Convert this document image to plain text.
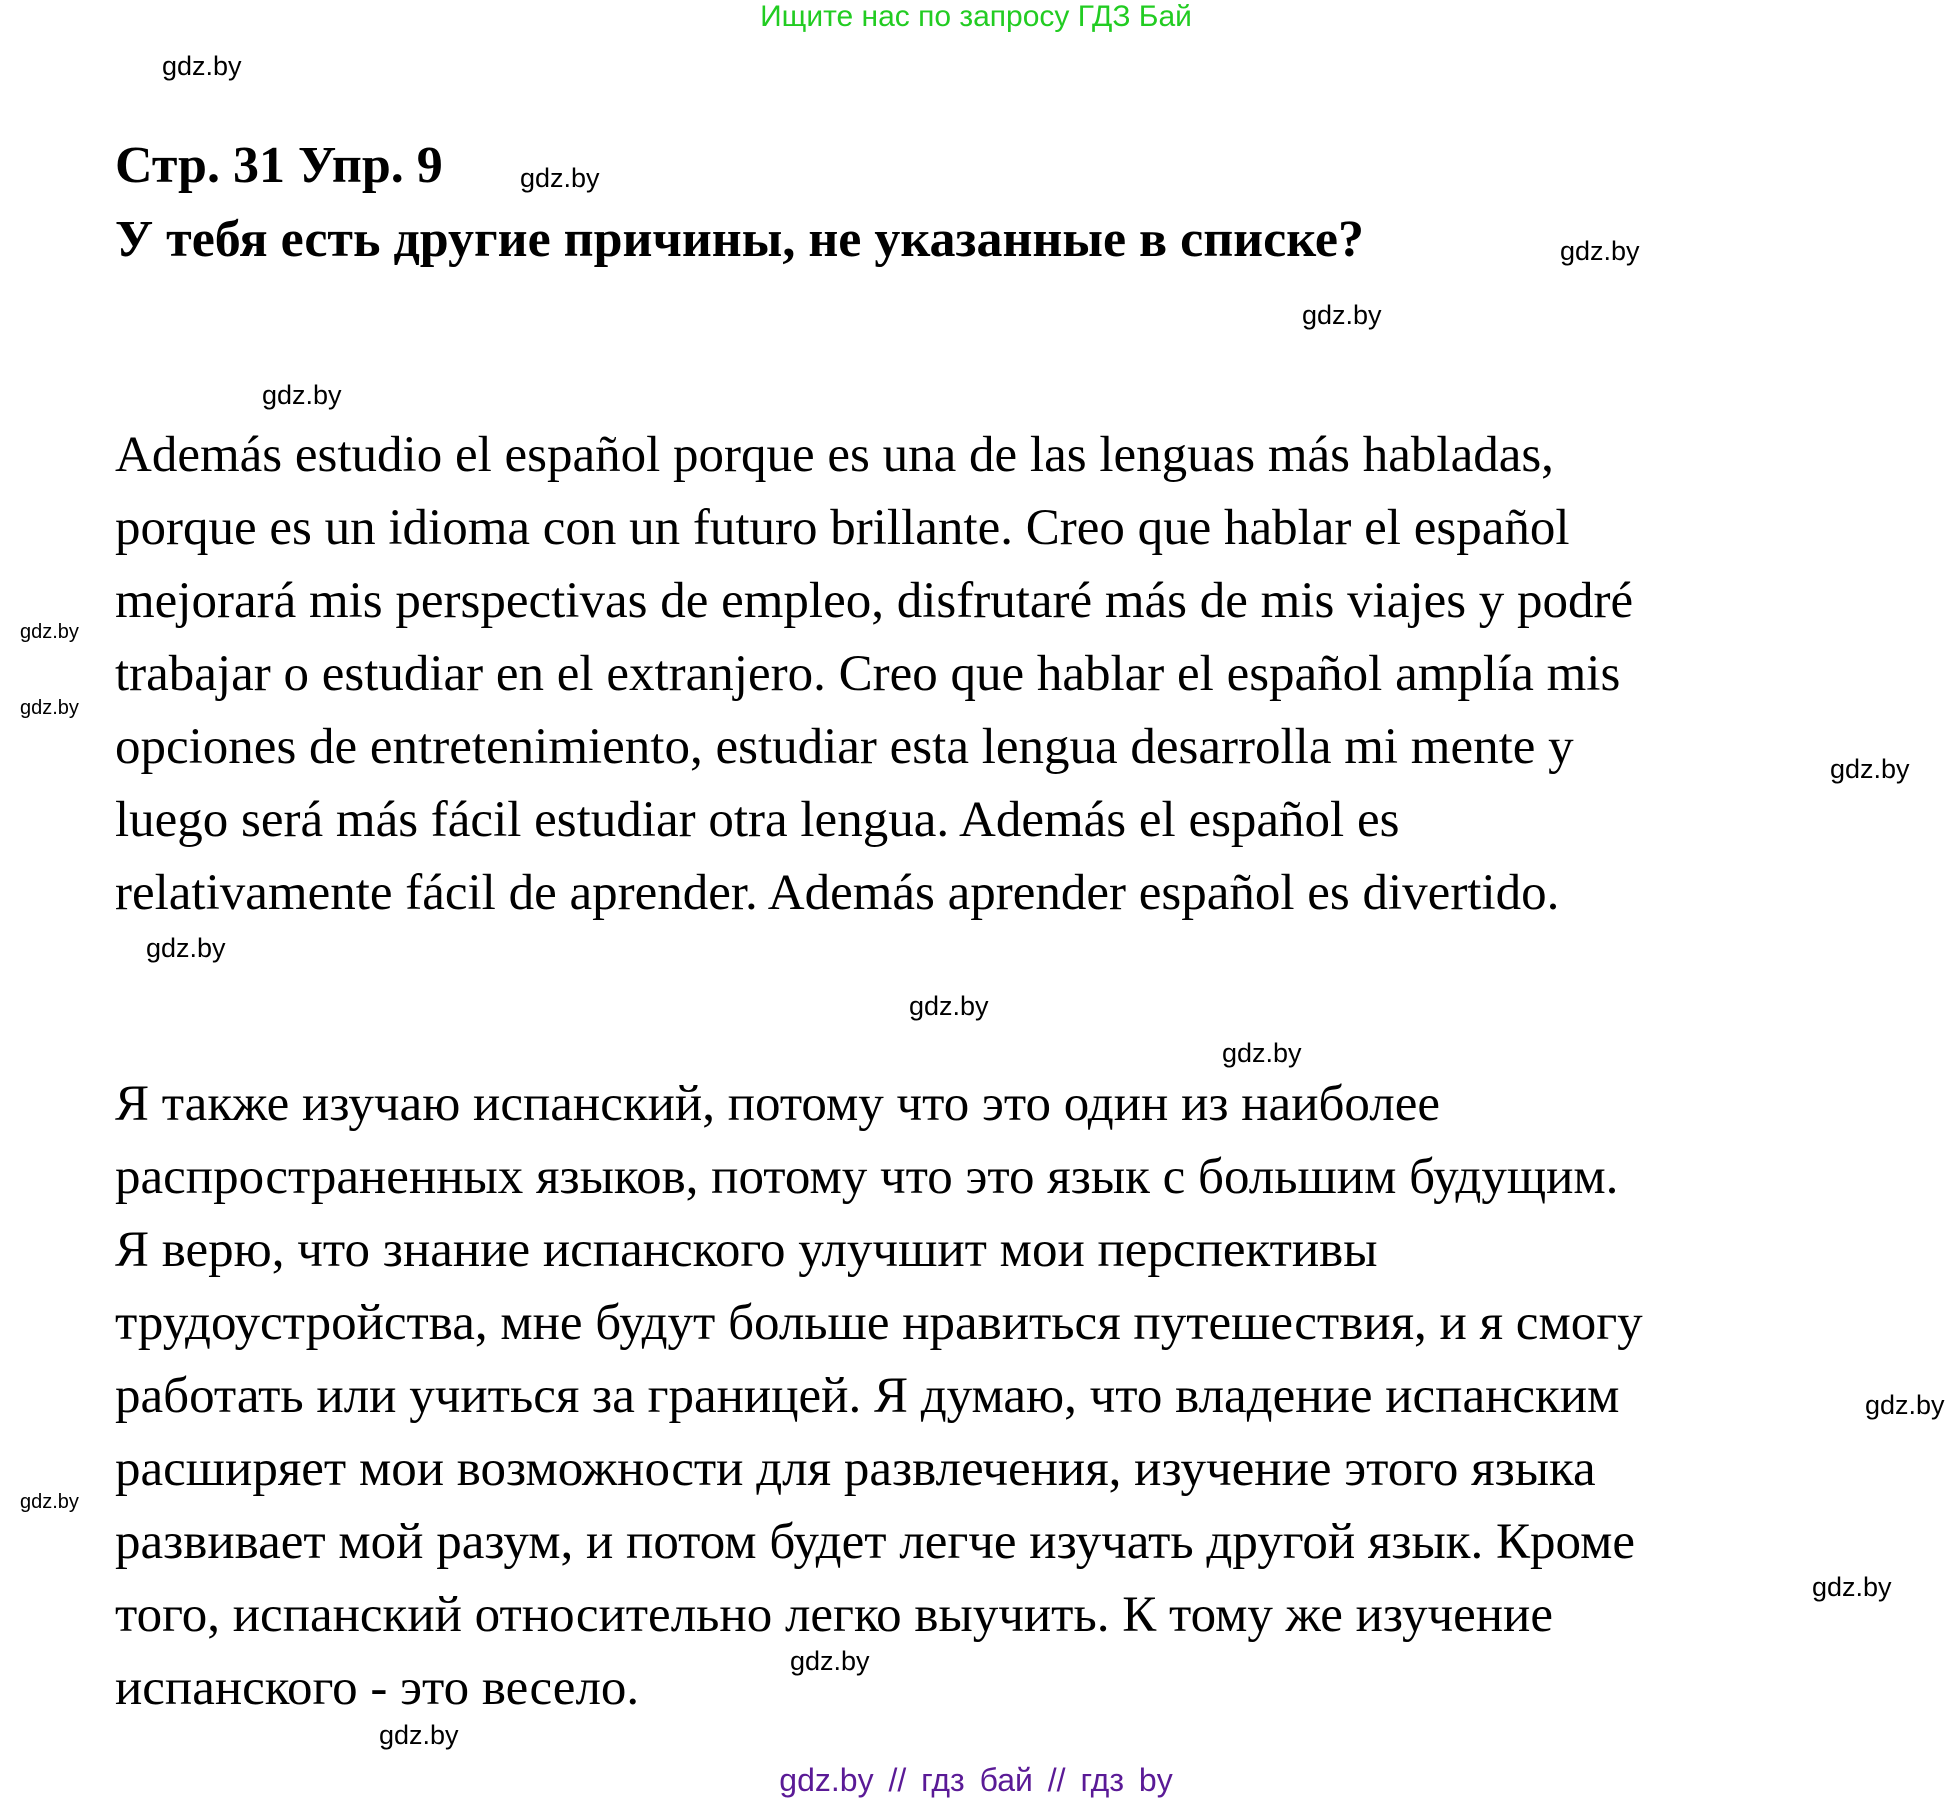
Ищите нас по запросу ГДЗ Бай
Стр. 31 Упр. 9
У тебя есть другие причины, не указанные в списке?
Además estudio el español porque es una de las lenguas más habladas,
porque es un idioma con un futuro brillante. Creo que hablar el español
mejorará mis perspectivas de empleo, disfrutaré más de mis viajes y podré
trabajar o estudiar en el extranjero. Creo que hablar el español amplía mis
opciones de entretenimiento, estudiar esta lengua desarrolla mi mente y
luego será más fácil estudiar otra lengua. Además el español es
relativamente fácil de aprender. Además aprender español es divertido.
Я также изучаю испанский, потому что это один из наиболее
распространенных языков, потому что это язык с большим будущим.
Я верю, что знание испанского улучшит мои перспективы
трудоустройства, мне будут больше нравиться путешествия, и я смогу
работать или учиться за границей. Я думаю, что владение испанским
расширяет мои возможности для развлечения, изучение этого языка
развивает мой разум, и потом будет легче изучать другой язык. Кроме
того, испанский относительно легко выучить. К тому же изучение
испанского - это весело.
gdz.by
gdz.by
gdz.by
gdz.by
gdz.by
gdz.by
gdz.by
gdz.by
gdz.by
gdz.by
gdz.by
gdz.by
gdz.by
gdz.by
gdz.by
gdz.by
gdz.by // гдз бай // гдз by
